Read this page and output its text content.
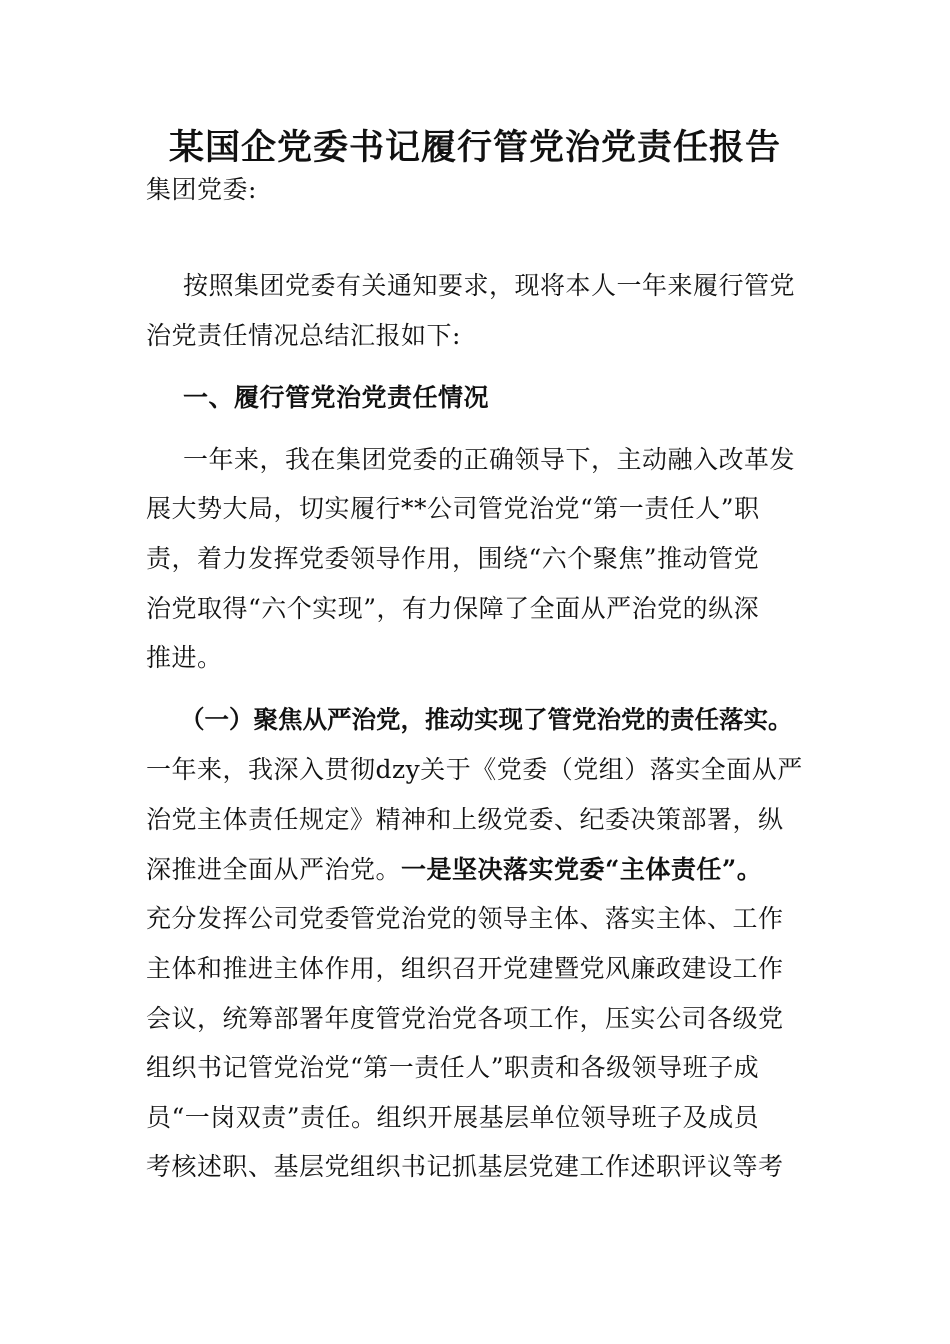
某国企党委书记履行管党治党责任报告
集团党委:
按照集团党委有关通知要求，现将本人一年来履行管党
治党责任情况总结汇报如下:
一、履行管党治党责任情况
一年来，我在集团党委的正确领导下，主动融入改革发
展大势大局，切实履行**公司管党治党“第一责任人”职
责，着力发挥党委领导作用，围绕“六个聚焦”推动管党
治党取得“六个实现”，有力保障了全面从严治党的纵深
推进。
（一）聚焦从严治党，推动实现了管党治党的责任落实。
一年来，我深入贯彻dzy关于《党委（党组）落实全面从严
治党主体责任规定》精神和上级党委、纪委决策部署，纵
深推进全面从严治党。一是坚决落实党委“主体责任”。
充分发挥公司党委管党治党的领导主体、落实主体、工作
主体和推进主体作用，组织召开党建暨党风廉政建设工作
会议，统筹部署年度管党治党各项工作，压实公司各级党
组织书记管党治党“第一责任人”职责和各级领导班子成
员“一岗双责”责任。组织开展基层单位领导班子及成员
考核述职、基层党组织书记抓基层党建工作述职评议等考
